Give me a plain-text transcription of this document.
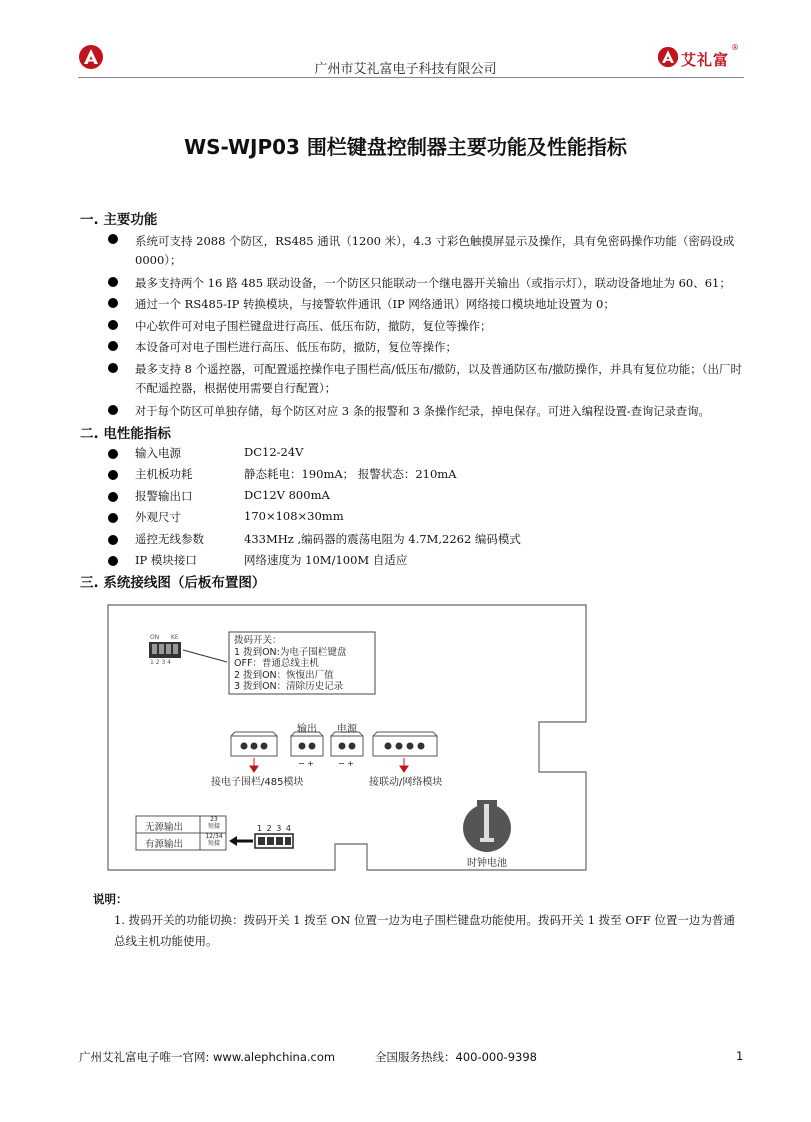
广州市艾礼富电子科技有限公司
艾礼富
®
WS-WJP03 围栏键盘控制器主要功能及性能指标
一. 主要功能
系统可支持 2088 个防区，RS485 通讯（1200 米），4.3 寸彩色触摸屏显示及操作，具有免密码操作功能（密码设成 0000）；
最多支持两个 16 路 485 联动设备，一个防区只能联动一个继电器开关输出（或指示灯），联动设备地址为 60、61；
通过一个 RS485-IP 转换模块，与接警软件通讯（IP 网络通讯）网络接口模块地址设置为 0；
中心软件可对电子围栏键盘进行高压、低压布防，撤防，复位等操作；
本设备可对电子围栏进行高压、低压布防，撤防，复位等操作；
最多支持 8 个遥控器，可配置遥控操作电子围栏高/低压布/撤防，以及普通防区布/撤防操作，并具有复位功能；（出厂时不配遥控器，根据使用需要自行配置）；
对于每个防区可单独存储，每个防区对应 3 条的报警和 3 条操作纪录，掉电保存。可进入编程设置-查询记录查询。
二. 电性能指标
输入电源	DC12-24V
主机板功耗	静态耗电：190mA； 报警状态：210mA
报警输出口	DC12V 800mA
外观尺寸	170×108×30mm
遥控无线参数	433MHz ,编码器的震荡电阻为 4.7M,2262 编码模式
IP 模块接口	网络速度为 10M/100M 自适应
三. 系统接线图（后板布置图）
ON KE
1 2 3 4
拨码开关：
1 拨到ON:为电子围栏键盘
OFF：普通总线主机
2 拨到ON：恢愎出厂值
3 拨到ON：清除历史记录
输出 电源
− +	− +
接电子围栏/485模块	接联动/网络模块
无源输出
23
短接
有源输出
12/34
短接
1 2 3 4
时钟电池
说明：
1. 拨码开关的功能切换：拨码开关 1 拨至 ON 位置一边为电子围栏键盘功能使用。拨码开关 1 拨至 OFF 位置一边为普通总线主机功能使用。
广州艾礼富电子唯一官网: www.alephchina.com	全国服务热线：400-000-9398	1
